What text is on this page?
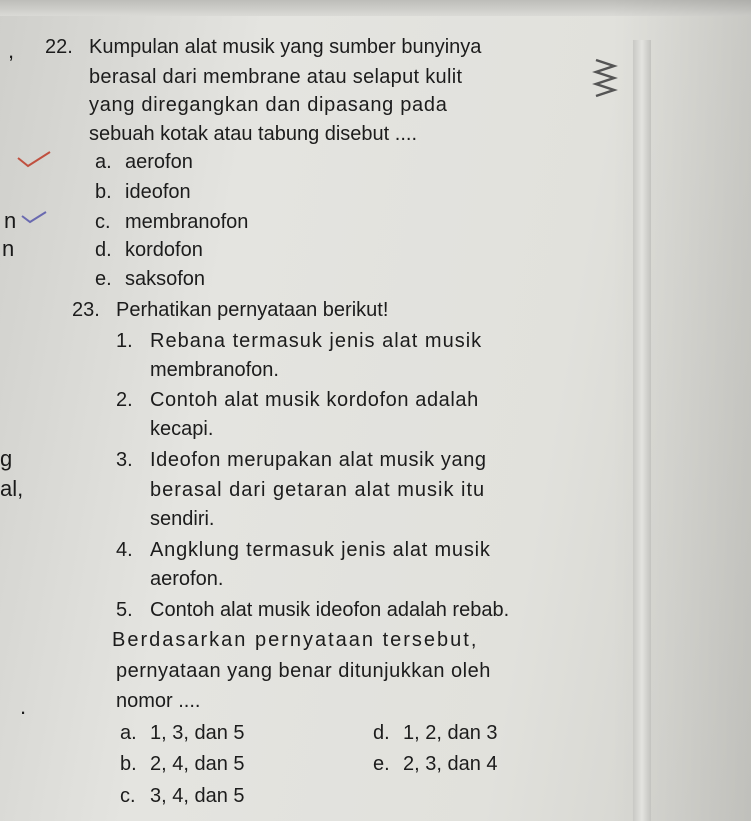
,
n
n
g
al,
.
22. Kumpulan alat musik yang sumber bunyinya
berasal dari membrane atau selaput kulit
yang diregangkan dan dipasang pada
sebuah kotak atau tabung disebut ....
a. aerofon
b. ideofon
c. membranofon
d. kordofon
e. saksofon
23. Perhatikan pernyataan berikut!
1. Rebana termasuk jenis alat musik
membranofon.
2. Contoh alat musik kordofon adalah
kecapi.
3. Ideofon merupakan alat musik yang
berasal dari getaran alat musik itu
sendiri.
4. Angklung termasuk jenis alat musik
aerofon.
5. Contoh alat musik ideofon adalah rebab.
Berdasarkan pernyataan tersebut,
pernyataan yang benar ditunjukkan oleh
nomor ....
a. 1, 3, dan 5
b. 2, 4, dan 5
c. 3, 4, dan 5
d. 1, 2, dan 3
e. 2, 3, dan 4
